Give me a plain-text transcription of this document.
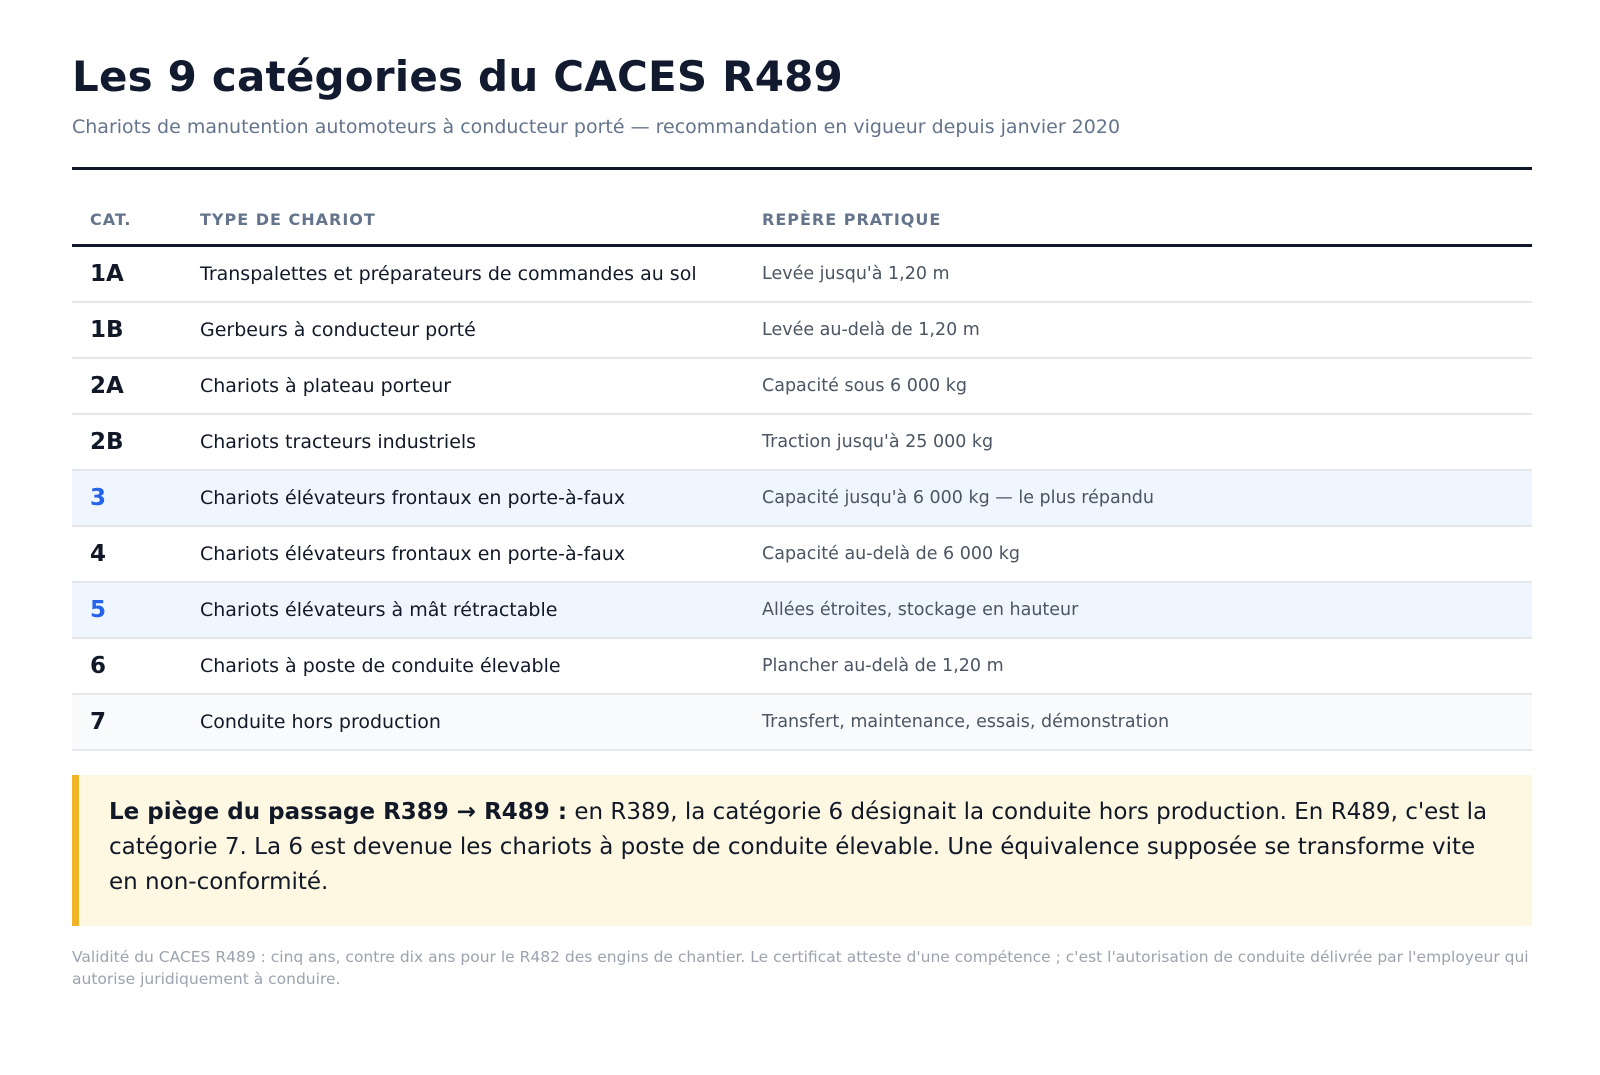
Les 9 catégories du CACES R489
Chariots de manutention automoteurs à conducteur porté — recommandation en vigueur depuis janvier 2020
CAT.	TYPE DE CHARIOT	REPÈRE PRATIQUE
1A	Transpalettes et préparateurs de commandes au sol	Levée jusqu'à 1,20 m
1B	Gerbeurs à conducteur porté	Levée au-delà de 1,20 m
2A	Chariots à plateau porteur	Capacité sous 6 000 kg
2B	Chariots tracteurs industriels	Traction jusqu'à 25 000 kg
3	Chariots élévateurs frontaux en porte-à-faux	Capacité jusqu'à 6 000 kg — le plus répandu
4	Chariots élévateurs frontaux en porte-à-faux	Capacité au-delà de 6 000 kg
5	Chariots élévateurs à mât rétractable	Allées étroites, stockage en hauteur
6	Chariots à poste de conduite élevable	Plancher au-delà de 1,20 m
7	Conduite hors production	Transfert, maintenance, essais, démonstration
Le piège du passage R389 → R489 : en R389, la catégorie 6 désignait la conduite hors production. En R489, c'est la catégorie 7. La 6 est devenue les chariots à poste de conduite élevable. Une équivalence supposée se transforme vite en non-conformité.
Validité du CACES R489 : cinq ans, contre dix ans pour le R482 des engins de chantier. Le certificat atteste d'une compétence ; c'est l'autorisation de conduite délivrée par l'employeur qui autorise juridiquement à conduire.
